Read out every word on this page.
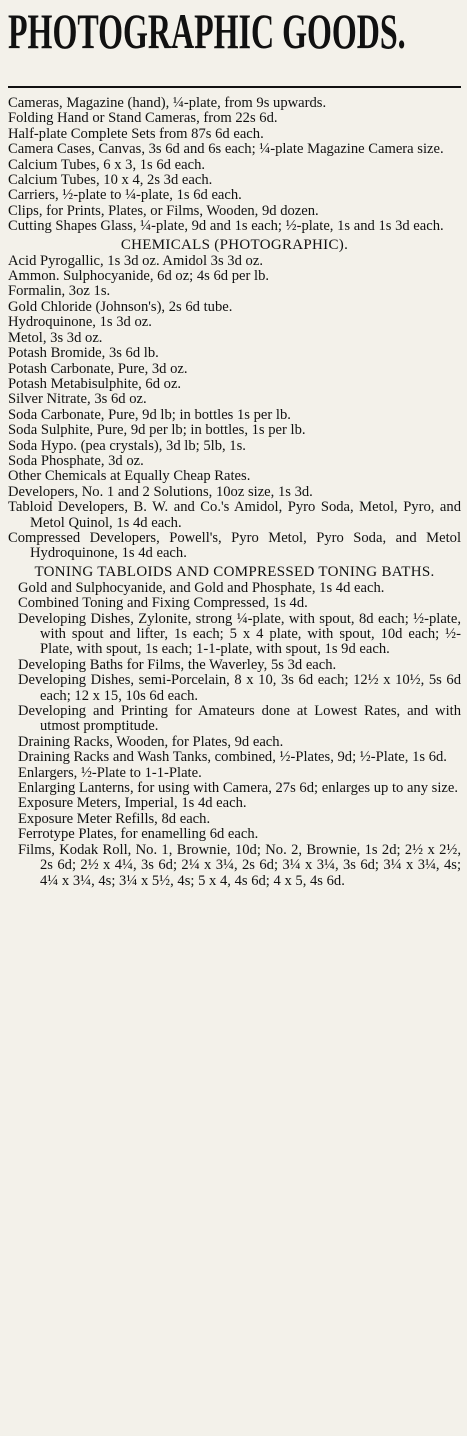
PHOTOGRAPHIC GOODS.

Cameras, Magazine (hand), ¼-plate, from 9s upwards.

Folding Hand or Stand Cameras, from 22s 6d.

Half-plate Complete Sets from 87s 6d each.

Camera Cases, Canvas, 3s 6d and 6s each; ¼-plate Magazine Camera size.

Calcium Tubes, 6 x 3, 1s 6d each.

Calcium Tubes, 10 x 4, 2s 3d each.

Carriers, ½-plate to ¼-plate, 1s 6d each.

Clips, for Prints, Plates, or Films, Wooden, 9d dozen.

Cutting Shapes Glass, ¼-plate, 9d and 1s each; ½-plate, 1s and 1s 3d each.

CHEMICALS (PHOTOGRAPHIC).

Acid Pyrogallic, 1s 3d oz. Amidol 3s 3d oz.

Ammon. Sulphocyanide, 6d oz; 4s 6d per lb.

Formalin, 3oz 1s.

Gold Chloride (Johnson's), 2s 6d tube.

Hydroquinone, 1s 3d oz.

Metol, 3s 3d oz.

Potash Bromide, 3s 6d lb.

Potash Carbonate, Pure, 3d oz.

Potash Metabisulphite, 6d oz.

Silver Nitrate, 3s 6d oz.

Soda Carbonate, Pure, 9d lb; in bottles 1s per lb.

Soda Sulphite, Pure, 9d per lb; in bottles, 1s per lb.

Soda Hypo. (pea crystals), 3d lb; 5lb, 1s.

Soda Phosphate, 3d oz.

Other Chemicals at Equally Cheap Rates.

Developers, No. 1 and 2 Solutions, 10oz size, 1s 3d.

Tabloid Developers, B. W. and Co.'s Amidol, Pyro Soda, Metol, Pyro, and Metol Quinol, 1s 4d each.

Compressed Developers, Powell's, Pyro Metol, Pyro Soda, and Metol Hydroquinone, 1s 4d each.

TONING TABLOIDS AND COMPRESSED TONING BATHS.

Gold and Sulphocyanide, and Gold and Phosphate, 1s 4d each.

Combined Toning and Fixing Compressed, 1s 4d.

Developing Dishes, Zylonite, strong ¼-plate, with spout, 8d each; ½-plate, with spout and lifter, 1s each; 5 x 4 plate, with spout, 10d each; ½-Plate, with spout, 1s each; 1-1-plate, with spout, 1s 9d each.

Developing Baths for Films, the Waverley, 5s 3d each.

Developing Dishes, semi-Porcelain, 8 x 10, 3s 6d each; 12½ x 10½, 5s 6d each; 12 x 15, 10s 6d each.

Developing and Printing for Amateurs done at Lowest Rates, and with utmost promptitude.

Draining Racks, Wooden, for Plates, 9d each.

Draining Racks and Wash Tanks, combined, ½-Plates, 9d; ½-Plate, 1s 6d.

Enlargers, ½-Plate to 1-1-Plate.

Enlarging Lanterns, for using with Camera, 27s 6d; enlarges up to any size.

Exposure Meters, Imperial, 1s 4d each.

Exposure Meter Refills, 8d each.

Ferrotype Plates, for enamelling 6d each.

Films, Kodak Roll, No. 1, Brownie, 10d; No. 2, Brownie, 1s 2d; 2½ x 2½, 2s 6d; 2½ x 4¼, 3s 6d; 2¼ x 3¼, 2s 6d; 3¼ x 3¼, 3s 6d; 3¼ x 3¼, 4s; 4¼ x 3¼, 4s; 3¼ x 5½, 4s; 5 x 4, 4s 6d; 4 x 5, 4s 6d.
